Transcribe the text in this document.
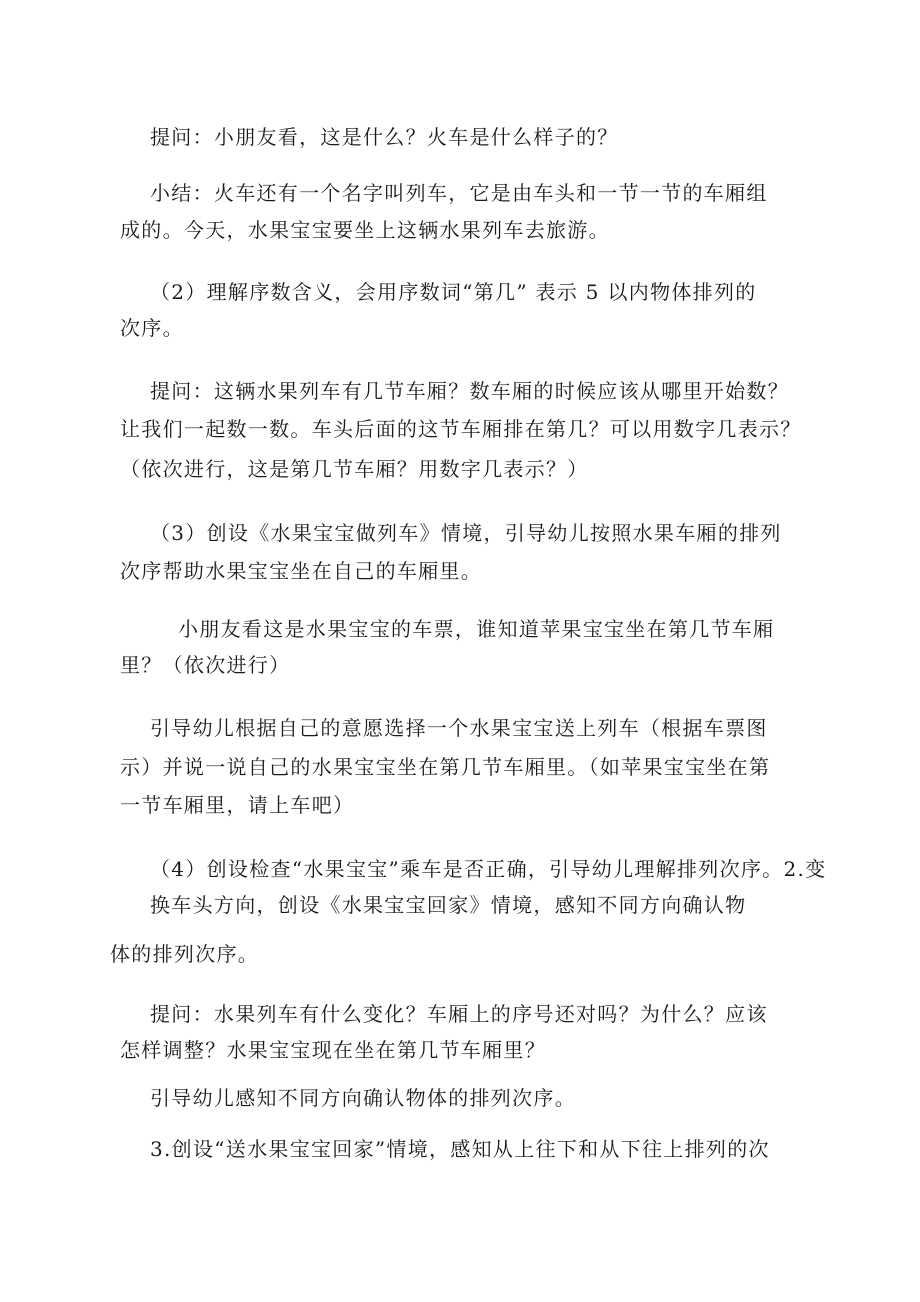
提问：小朋友看，这是什么？火车是什么样子的？
小结：火车还有一个名字叫列车，它是由车头和一节一节的车厢组
成的。今天，水果宝宝要坐上这辆水果列车去旅游。
（2）理解序数含义，会用序数词“第几” 表示 5 以内物体排列的
次序。
提问：这辆水果列车有几节车厢？数车厢的时候应该从哪里开始数？
让我们一起数一数。车头后面的这节车厢排在第几？可以用数字几表示？
（依次进行，这是第几节车厢？用数字几表示？）
（3）创设《水果宝宝做列车》情境，引导幼儿按照水果车厢的排列
次序帮助水果宝宝坐在自己的车厢里。
小朋友看这是水果宝宝的车票，谁知道苹果宝宝坐在第几节车厢
里？（依次进行）
引导幼儿根据自己的意愿选择一个水果宝宝送上列车（根据车票图
示）并说一说自己的水果宝宝坐在第几节车厢里。（如苹果宝宝坐在第
一节车厢里，请上车吧）
（4）创设检查“水果宝宝”乘车是否正确，引导幼儿理解排列次序。2.变
换车头方向，创设《水果宝宝回家》情境，感知不同方向确认物
体的排列次序。
提问：水果列车有什么变化？车厢上的序号还对吗？为什么？应该
怎样调整？水果宝宝现在坐在第几节车厢里？
引导幼儿感知不同方向确认物体的排列次序。
3.创设“送水果宝宝回家”情境，感知从上往下和从下往上排列的次
